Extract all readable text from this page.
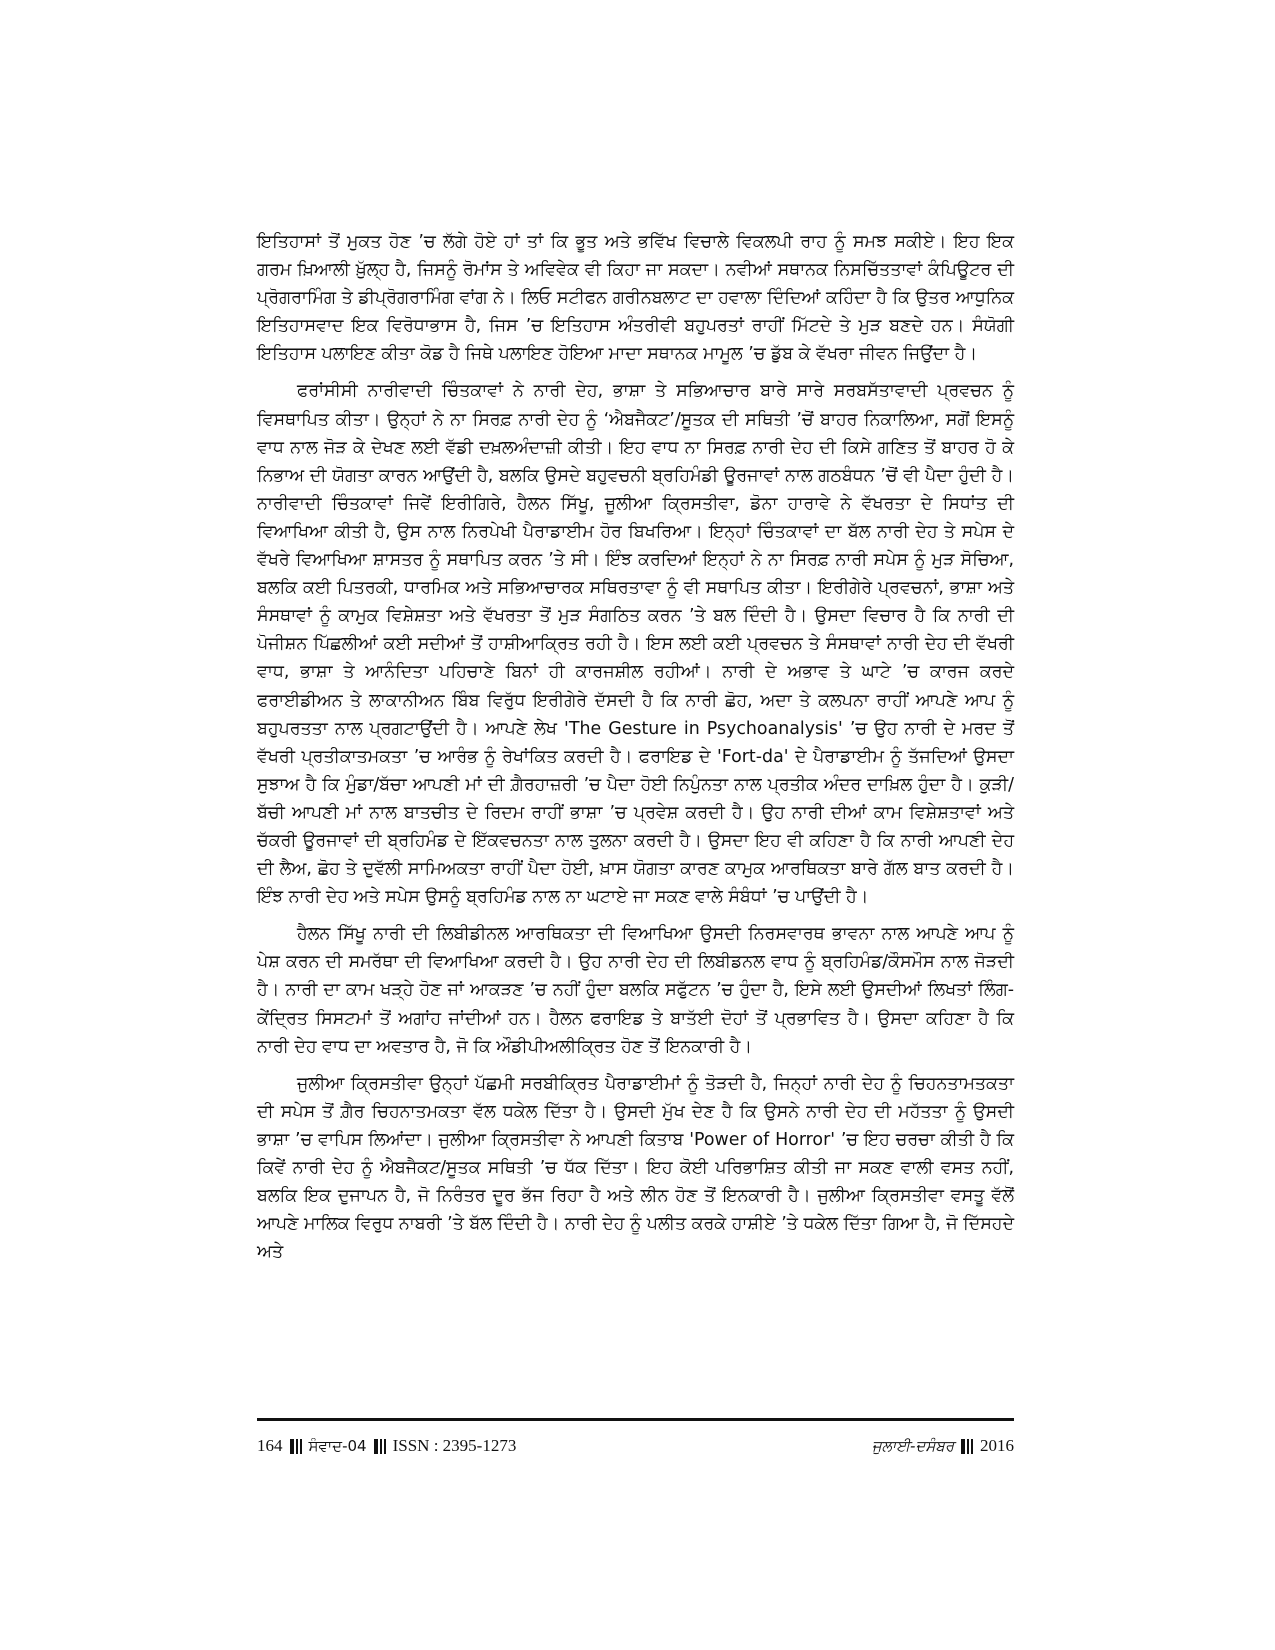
ਇਤਿਹਾਸਾਂ ਤੋਂ ਮੁਕਤ ਹੋਣ ’ਚ ਲੱਗੇ ਹੋਏ ਹਾਂ ਤਾਂ ਕਿ ਭੂਤ ਅਤੇ ਭਵਿੱਖ ਵਿਚਾਲੇ ਵਿਕਲਪੀ ਰਾਹ ਨੂੰ ਸਮਝ ਸਕੀਏ। ਇਹ ਇਕ ਗਰਮ ਖ਼ਿਆਲੀ ਖ਼ੁੱਲ੍ਹ ਹੈ, ਜਿਸਨੂੰ ਰੋਮਾਂਸ ਤੇ ਅਵਿਵੇਕ ਵੀ ਕਿਹਾ ਜਾ ਸਕਦਾ। ਨਵੀਆਂ ਸਥਾਨਕ ਨਿਸਚਿੱਤਤਾਵਾਂ ਕੰਪਿਊਟਰ ਦੀ ਪ੍ਰੋਗਰਾਮਿੰਗ ਤੇ ਡੀਪ੍ਰੋਗਰਾਮਿੰਗ ਵਾਂਗ ਨੇ। ਲਿਓ ਸਟੀਫਨ ਗਰੀਨਬਲਾਟ ਦਾ ਹਵਾਲਾ ਦਿੰਦਿਆਂ ਕਹਿੰਦਾ ਹੈ ਕਿ ਉਤਰ ਆਧੁਨਿਕ ਇਤਿਹਾਸਵਾਦ ਇਕ ਵਿਰੋਧਾਭਾਸ ਹੈ, ਜਿਸ ’ਚ ਇਤਿਹਾਸ ਅੰਤਰੀਵੀ ਬਹੁਪਰਤਾਂ ਰਾਹੀਂ ਮਿੱਟਦੇ ਤੇ ਮੁੜ ਬਣਦੇ ਹਨ। ਸੰਯੋਗੀ ਇਤਿਹਾਸ ਪਲਾਇਣ ਕੀਤਾ ਕੋਡ ਹੈ ਜਿਥੇ ਪਲਾਇਣ ਹੋਇਆ ਮਾਦਾ ਸਥਾਨਕ ਮਾਮੂਲ ’ਚ ਡੁੱਬ ਕੇ ਵੱਖਰਾ ਜੀਵਨ ਜਿਉਂਦਾ ਹੈ।

ਫਰਾਂਸੀਸੀ ਨਾਰੀਵਾਦੀ ਚਿੰਤਕਾਵਾਂ ਨੇ ਨਾਰੀ ਦੇਹ, ਭਾਸ਼ਾ ਤੇ ਸਭਿਆਚਾਰ ਬਾਰੇ ਸਾਰੇ ਸਰਬਸੱਤਾਵਾਦੀ ਪ੍ਰਵਚਨ ਨੂੰ ਵਿਸਥਾਪਿਤ ਕੀਤਾ। ਉਨ੍ਹਾਂ ਨੇ ਨਾ ਸਿਰਫ਼ ਨਾਰੀ ਦੇਹ ਨੂੰ ‘ਐਬਜੈਕਟ’/ਸੂਤਕ ਦੀ ਸਥਿਤੀ ’ਚੋਂ ਬਾਹਰ ਨਿਕਾਲਿਆ, ਸਗੋਂ ਇਸਨੂੰ ਵਾਧ ਨਾਲ ਜੋੜ ਕੇ ਦੇਖਣ ਲਈ ਵੱਡੀ ਦਖ਼ਲਅੰਦਾਜ਼ੀ ਕੀਤੀ। ਇਹ ਵਾਧ ਨਾ ਸਿਰਫ਼ ਨਾਰੀ ਦੇਹ ਦੀ ਕਿਸੇ ਗਣਿਤ ਤੋਂ ਬਾਹਰ ਹੋ ਕੇ ਨਿਭਾਅ ਦੀ ਯੋਗਤਾ ਕਾਰਨ ਆਉਂਦੀ ਹੈ, ਬਲਕਿ ਉਸਦੇ ਬਹੁਵਚਨੀ ਬ੍ਰਹਿਮੰਡੀ ਊਰਜਾਵਾਂ ਨਾਲ ਗਠਬੰਧਨ ’ਚੋਂ ਵੀ ਪੈਦਾ ਹੁੰਦੀ ਹੈ। ਨਾਰੀਵਾਦੀ ਚਿੰਤਕਾਵਾਂ ਜਿਵੇਂ ਇਰੀਗਿਰੇ, ਹੈਲਨ ਸਿੱਖੂ, ਜੂਲੀਆ ਕ੍ਰਿਸਤੀਵਾ, ਡੋਨਾ ਹਾਰਾਵੇ ਨੇ ਵੱਖਰਤਾ ਦੇ ਸਿਧਾਂਤ ਦੀ ਵਿਆਖਿਆ ਕੀਤੀ ਹੈ, ਉਸ ਨਾਲ ਨਿਰਪੇਖੀ ਪੈਰਾਡਾਈਮ ਹੋਰ ਬਿਖਰਿਆ। ਇਨ੍ਹਾਂ ਚਿੰਤਕਾਵਾਂ ਦਾ ਬੱਲ ਨਾਰੀ ਦੇਹ ਤੇ ਸਪੇਸ ਦੇ ਵੱਖਰੇ ਵਿਆਖਿਆ ਸ਼ਾਸਤਰ ਨੂੰ ਸਥਾਪਿਤ ਕਰਨ ’ਤੇ ਸੀ। ਇੰਝ ਕਰਦਿਆਂ ਇਨ੍ਹਾਂ ਨੇ ਨਾ ਸਿਰਫ਼ ਨਾਰੀ ਸਪੇਸ ਨੂੰ ਮੁੜ ਸੋਚਿਆ, ਬਲਕਿ ਕਈ ਪਿਤਰਕੀ, ਧਾਰਮਿਕ ਅਤੇ ਸਭਿਆਚਾਰਕ ਸਥਿਰਤਾਵਾ ਨੂੰ ਵੀ ਸਥਾਪਿਤ ਕੀਤਾ। ਇਰੀਗੇਰੇ ਪ੍ਰਵਚਨਾਂ, ਭਾਸ਼ਾ ਅਤੇ ਸੰਸਥਾਵਾਂ ਨੂੰ ਕਾਮੁਕ ਵਿਸ਼ੇਸ਼ਤਾ ਅਤੇ ਵੱਖਰਤਾ ਤੋਂ ਮੁੜ ਸੰਗਠਿਤ ਕਰਨ ’ਤੇ ਬਲ ਦਿੰਦੀ ਹੈ। ਉਸਦਾ ਵਿਚਾਰ ਹੈ ਕਿ ਨਾਰੀ ਦੀ ਪੋਜੀਸ਼ਨ ਪਿੱਛਲੀਆਂ ਕਈ ਸਦੀਆਂ ਤੋਂ ਹਾਸ਼ੀਆਕ੍ਰਿਤ ਰਹੀ ਹੈ। ਇਸ ਲਈ ਕਈ ਪ੍ਰਵਚਨ ਤੇ ਸੰਸਥਾਵਾਂ ਨਾਰੀ ਦੇਹ ਦੀ ਵੱਖਰੀ ਵਾਧ, ਭਾਸ਼ਾ ਤੇ ਆਨੰਦਿਤਾ ਪਹਿਚਾਣੇ ਬਿਨਾਂ ਹੀ ਕਾਰਜਸ਼ੀਲ ਰਹੀਆਂ। ਨਾਰੀ ਦੇ ਅਭਾਵ ਤੇ ਘਾਟੇ ’ਚ ਕਾਰਜ ਕਰਦੇ ਫਰਾਈਡੀਅਨ ਤੇ ਲਾਕਾਨੀਅਨ ਬਿੰਬ ਵਿਰੁੱਧ ਇਰੀਗੇਰੇ ਦੱਸਦੀ ਹੈ ਕਿ ਨਾਰੀ ਛੋਹ, ਅਦਾ ਤੇ ਕਲਪਨਾ ਰਾਹੀਂ ਆਪਣੇ ਆਪ ਨੂੰ ਬਹੁਪਰਤਤਾ ਨਾਲ ਪ੍ਰਗਟਾਉਂਦੀ ਹੈ। ਆਪਣੇ ਲੇਖ 'The Gesture in Psychoanalysis' ’ਚ ਉਹ ਨਾਰੀ ਦੇ ਮਰਦ ਤੋਂ ਵੱਖਰੀ ਪ੍ਰਤੀਕਾਤਮਕਤਾ ’ਚ ਆਰੰਭ ਨੂੰ ਰੇਖਾਂਕਿਤ ਕਰਦੀ ਹੈ। ਫਰਾਇਡ ਦੇ 'Fort-da' ਦੇ ਪੈਰਾਡਾਈਮ ਨੂੰ ਤੱਜਦਿਆਂ ਉਸਦਾ ਸੁਝਾਅ ਹੈ ਕਿ ਮੁੰਡਾ/ਬੱਚਾ ਆਪਣੀ ਮਾਂ ਦੀ ਗ਼ੈਰਹਾਜ਼ਰੀ ’ਚ ਪੈਦਾ ਹੋਈ ਨਿਪੁੰਨਤਾ ਨਾਲ ਪ੍ਰਤੀਕ ਅੰਦਰ ਦਾਖ਼ਿਲ ਹੁੰਦਾ ਹੈ। ਕੁੜੀ/ਬੱਚੀ ਆਪਣੀ ਮਾਂ ਨਾਲ ਬਾਤਚੀਤ ਦੇ ਰਿਦਮ ਰਾਹੀਂ ਭਾਸ਼ਾ ’ਚ ਪ੍ਰਵੇਸ਼ ਕਰਦੀ ਹੈ। ਉਹ ਨਾਰੀ ਦੀਆਂ ਕਾਮ ਵਿਸ਼ੇਸ਼ਤਾਵਾਂ ਅਤੇ ਚੱਕਰੀ ਊਰਜਾਵਾਂ ਦੀ ਬ੍ਰਹਿਮੰਡ ਦੇ ਇੱਕਵਚਨਤਾ ਨਾਲ ਤੁਲਨਾ ਕਰਦੀ ਹੈ। ਉਸਦਾ ਇਹ ਵੀ ਕਹਿਣਾ ਹੈ ਕਿ ਨਾਰੀ ਆਪਣੀ ਦੇਹ ਦੀ ਲੈਅ, ਛੋਹ ਤੇ ਦੁਵੱਲੀ ਸਾਮਿਅਕਤਾ ਰਾਹੀਂ ਪੈਦਾ ਹੋਈ, ਖ਼ਾਸ ਯੋਗਤਾ ਕਾਰਣ ਕਾਮੁਕ ਆਰਥਿਕਤਾ ਬਾਰੇ ਗੱਲ ਬਾਤ ਕਰਦੀ ਹੈ। ਇੰਝ ਨਾਰੀ ਦੇਹ ਅਤੇ ਸਪੇਸ ਉਸਨੂੰ ਬ੍ਰਹਿਮੰਡ ਨਾਲ ਨਾ ਘਟਾਏ ਜਾ ਸਕਣ ਵਾਲੇ ਸੰਬੰਧਾਂ ’ਚ ਪਾਉਂਦੀ ਹੈ।

ਹੈਲਨ ਸਿੱਖੂ ਨਾਰੀ ਦੀ ਲਿਬੀਡੀਨਲ ਆਰਥਿਕਤਾ ਦੀ ਵਿਆਖਿਆ ਉਸਦੀ ਨਿਰਸਵਾਰਥ ਭਾਵਨਾ ਨਾਲ ਆਪਣੇ ਆਪ ਨੂੰ ਪੇਸ਼ ਕਰਨ ਦੀ ਸਮਰੱਥਾ ਦੀ ਵਿਆਖਿਆ ਕਰਦੀ ਹੈ। ਉਹ ਨਾਰੀ ਦੇਹ ਦੀ ਲਿਬੀਡਨਲ ਵਾਧ ਨੂੰ ਬ੍ਰਹਿਮੰਡ/ਕੌਸਮੌਸ ਨਾਲ ਜੋੜਦੀ ਹੈ। ਨਾਰੀ ਦਾ ਕਾਮ ਖੜ੍ਹੇ ਹੋਣ ਜਾਂ ਆਕੜਣ ’ਚ ਨਹੀਂ ਹੁੰਦਾ ਬਲਕਿ ਸਫੁੱਟਨ ’ਚ ਹੁੰਦਾ ਹੈ, ਇਸੇ ਲਈ ਉਸਦੀਆਂ ਲਿਖਤਾਂ ਲਿੰਗ-ਕੇਂਦ੍ਰਿਤ ਸਿਸਟਮਾਂ ਤੋਂ ਅਗਾਂਹ ਜਾਂਦੀਆਂ ਹਨ। ਹੈਲਨ ਫਰਾਇਡ ਤੇ ਬਾਤੱਈ ਦੋਹਾਂ ਤੋਂ ਪ੍ਰਭਾਵਿਤ ਹੈ। ਉਸਦਾ ਕਹਿਣਾ ਹੈ ਕਿ ਨਾਰੀ ਦੇਹ ਵਾਧ ਦਾ ਅਵਤਾਰ ਹੈ, ਜੋ ਕਿ ਔਡੀਪੀਅਲੀਕ੍ਰਿਤ ਹੋਣ ਤੋਂ ਇਨਕਾਰੀ ਹੈ।

ਜੁਲੀਆ ਕ੍ਰਿਸਤੀਵਾ ਉਨ੍ਹਾਂ ਪੱਛਮੀ ਸਰਬੀਕ੍ਰਿਤ ਪੈਰਾਡਾਈਮਾਂ ਨੂੰ ਤੋੜਦੀ ਹੈ, ਜਿਨ੍ਹਾਂ ਨਾਰੀ ਦੇਹ ਨੂੰ ਚਿਹਨਤਾਮਤਕਤਾ ਦੀ ਸਪੇਸ ਤੋਂ ਗ਼ੈਰ ਚਿਹਨਾਤਮਕਤਾ ਵੱਲ ਧਕੇਲ ਦਿੱਤਾ ਹੈ। ਉਸਦੀ ਮੁੱਖ ਦੇਣ ਹੈ ਕਿ ਉਸਨੇ ਨਾਰੀ ਦੇਹ ਦੀ ਮਹੱਤਤਾ ਨੂੰ ਉਸਦੀ ਭਾਸ਼ਾ ’ਚ ਵਾਪਿਸ ਲਿਆਂਦਾ। ਜੁਲੀਆ ਕ੍ਰਿਸਤੀਵਾ ਨੇ ਆਪਣੀ ਕਿਤਾਬ 'Power of Horror' ’ਚ ਇਹ ਚਰਚਾ ਕੀਤੀ ਹੈ ਕਿ ਕਿਵੇਂ ਨਾਰੀ ਦੇਹ ਨੂੰ ਐਬਜੈਕਟ/ਸੂਤਕ ਸਥਿਤੀ ’ਚ ਧੱਕ ਦਿੱਤਾ। ਇਹ ਕੋਈ ਪਰਿਭਾਸ਼ਿਤ ਕੀਤੀ ਜਾ ਸਕਣ ਵਾਲੀ ਵਸਤ ਨਹੀਂ, ਬਲਕਿ ਇਕ ਦੁਜਾਪਨ ਹੈ, ਜੋ ਨਿਰੰਤਰ ਦੂਰ ਭੱਜ ਰਿਹਾ ਹੈ ਅਤੇ ਲੀਨ ਹੋਣ ਤੋਂ ਇਨਕਾਰੀ ਹੈ। ਜੁਲੀਆ ਕ੍ਰਿਸਤੀਵਾ ਵਸਤੂ ਵੱਲੋਂ ਆਪਣੇ ਮਾਲਿਕ ਵਿਰੁਧ ਨਾਬਰੀ ’ਤੇ ਬੱਲ ਦਿੰਦੀ ਹੈ। ਨਾਰੀ ਦੇਹ ਨੂੰ ਪਲੀਤ ਕਰਕੇ ਹਾਸ਼ੀਏ ’ਤੇ ਧਕੇਲ ਦਿੱਤਾ ਗਿਆ ਹੈ, ਜੋ ਦਿੱਸਹਦੇ ਅਤੇ

164 ਸੰਵਾਦ-04 ISSN : 2395-1273	ਜੁਲਾਈ-ਦਸੰਬਰ 2016
